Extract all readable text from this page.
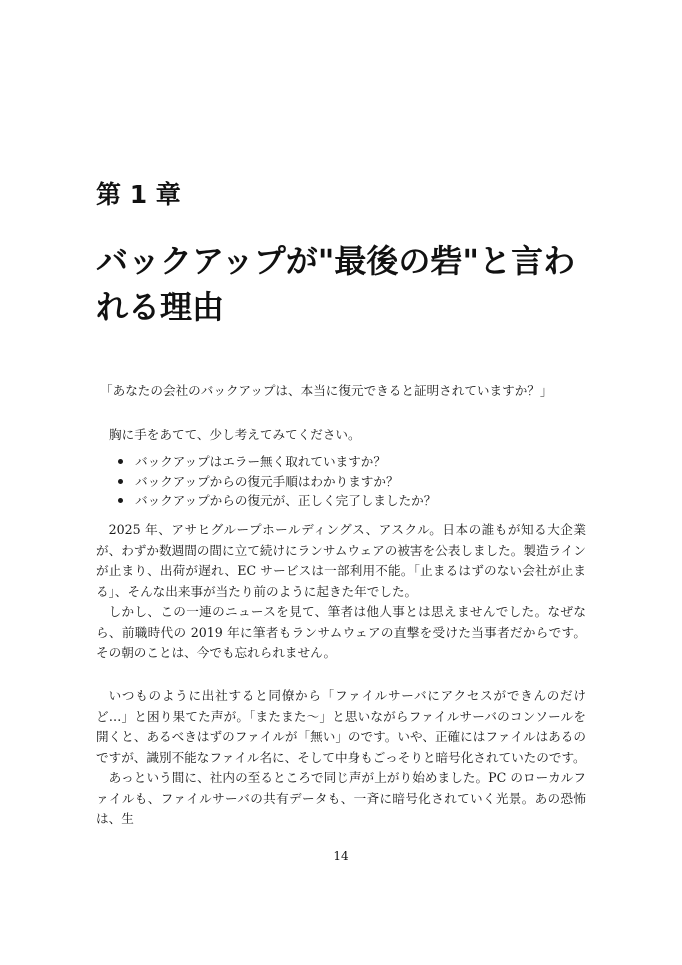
第 1 章
バックアップが"最後の砦"と言われる理由

「あなたの会社のバックアップは、本当に復元できると証明されていますか？」

胸に手をあてて、少し考えてみてください。

バックアップはエラー無く取れていますか？
バックアップからの復元手順はわかりますか？
バックアップからの復元が、正しく完了しましたか？

2025 年、アサヒグループホールディングス、アスクル。日本の誰もが知る大企業が、わずか数週間の間に立て続けにランサムウェアの被害を公表しました。製造ラインが止まり、出荷が遅れ、EC サービスは一部利用不能。「止まるはずのない会社が止まる」、そんな出来事が当たり前のように起きた年でした。

しかし、この一連のニュースを見て、筆者は他人事とは思えませんでした。なぜなら、前職時代の 2019 年に筆者もランサムウェアの直撃を受けた当事者だからです。その朝のことは、今でも忘れられません。

いつものように出社すると同僚から「ファイルサーバにアクセスができんのだけど…」と困り果てた声が。「またまた～」と思いながらファイルサーバのコンソールを開くと、あるべきはずのファイルが「無い」のです。いや、正確にはファイルはあるのですが、識別不能なファイル名に、そして中身もごっそりと暗号化されていたのです。

あっという間に、社内の至るところで同じ声が上がり始めました。PC のローカルファイルも、ファイルサーバの共有データも、一斉に暗号化されていく光景。あの恐怖は、生

14
